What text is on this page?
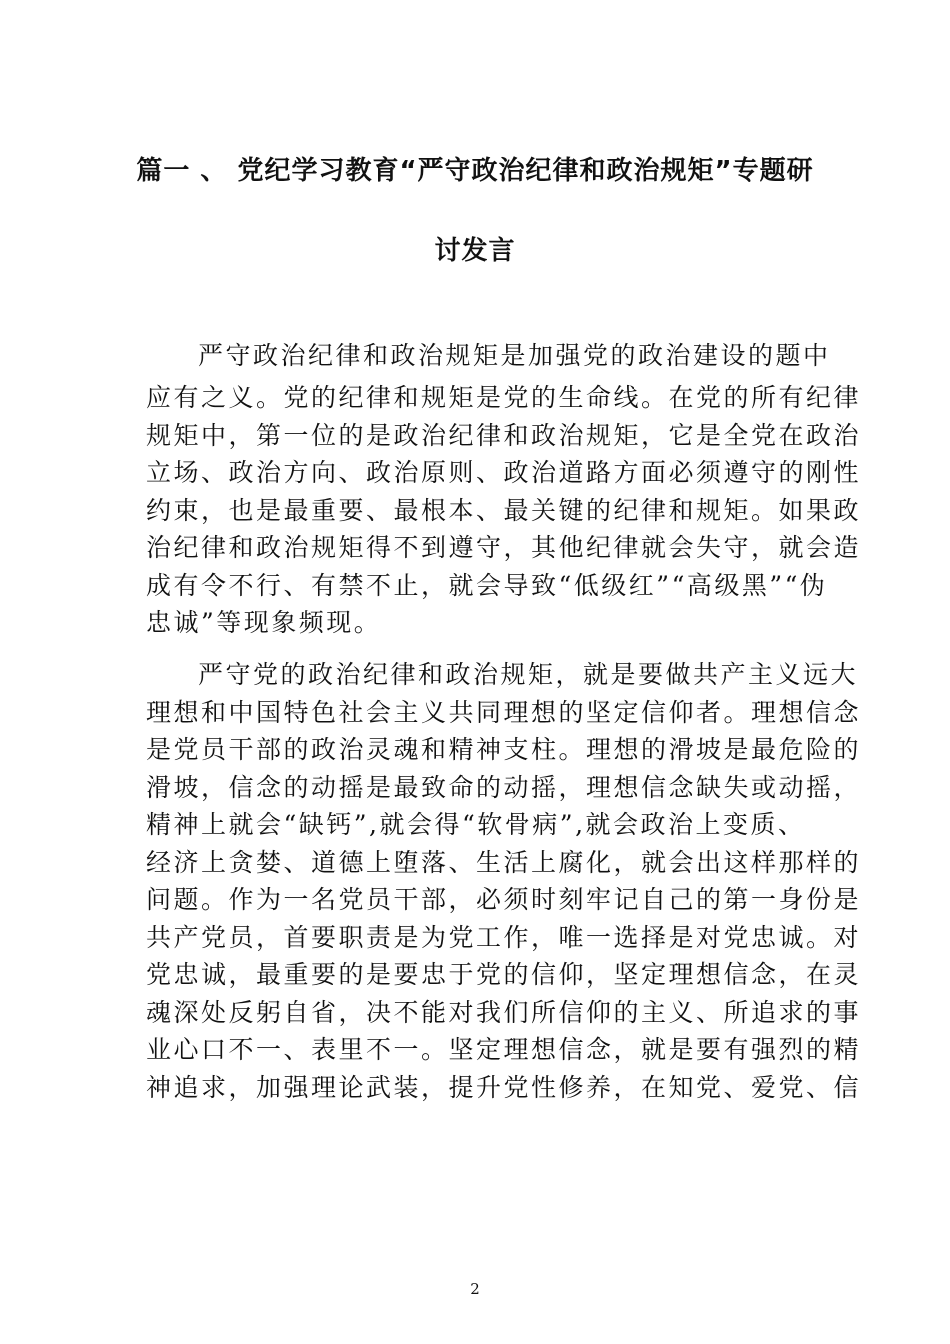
篇一 、 党纪学习教育“严守政治纪律和政治规矩”专题研
讨发言
严守政治纪律和政治规矩是加强党的政治建设的题中
应有之义。党的纪律和规矩是党的生命线。在党的所有纪律
规矩中，第一位的是政治纪律和政治规矩，它是全党在政治
立场、政治方向、政治原则、政治道路方面必须遵守的刚性
约束，也是最重要、最根本、最关键的纪律和规矩。如果政
治纪律和政治规矩得不到遵守，其他纪律就会失守，就会造
成有令不行、有禁不止，就会导致“低级红”“高级黑”“伪
忠诚”等现象频现。
严守党的政治纪律和政治规矩，就是要做共产主义远大
理想和中国特色社会主义共同理想的坚定信仰者。理想信念
是党员干部的政治灵魂和精神支柱。理想的滑坡是最危险的
滑坡，信念的动摇是最致命的动摇，理想信念缺失或动摇，
精神上就会“缺钙”,就会得“软骨病”,就会政治上变质、
经济上贪婪、道德上堕落、生活上腐化，就会出这样那样的
问题。作为一名党员干部，必须时刻牢记自己的第一身份是
共产党员，首要职责是为党工作，唯一选择是对党忠诚。对
党忠诚，最重要的是要忠于党的信仰，坚定理想信念，在灵
魂深处反躬自省，决不能对我们所信仰的主义、所追求的事
业心口不一、表里不一。坚定理想信念，就是要有强烈的精
神追求，加强理论武装，提升党性修养，在知党、爱党、信
2
